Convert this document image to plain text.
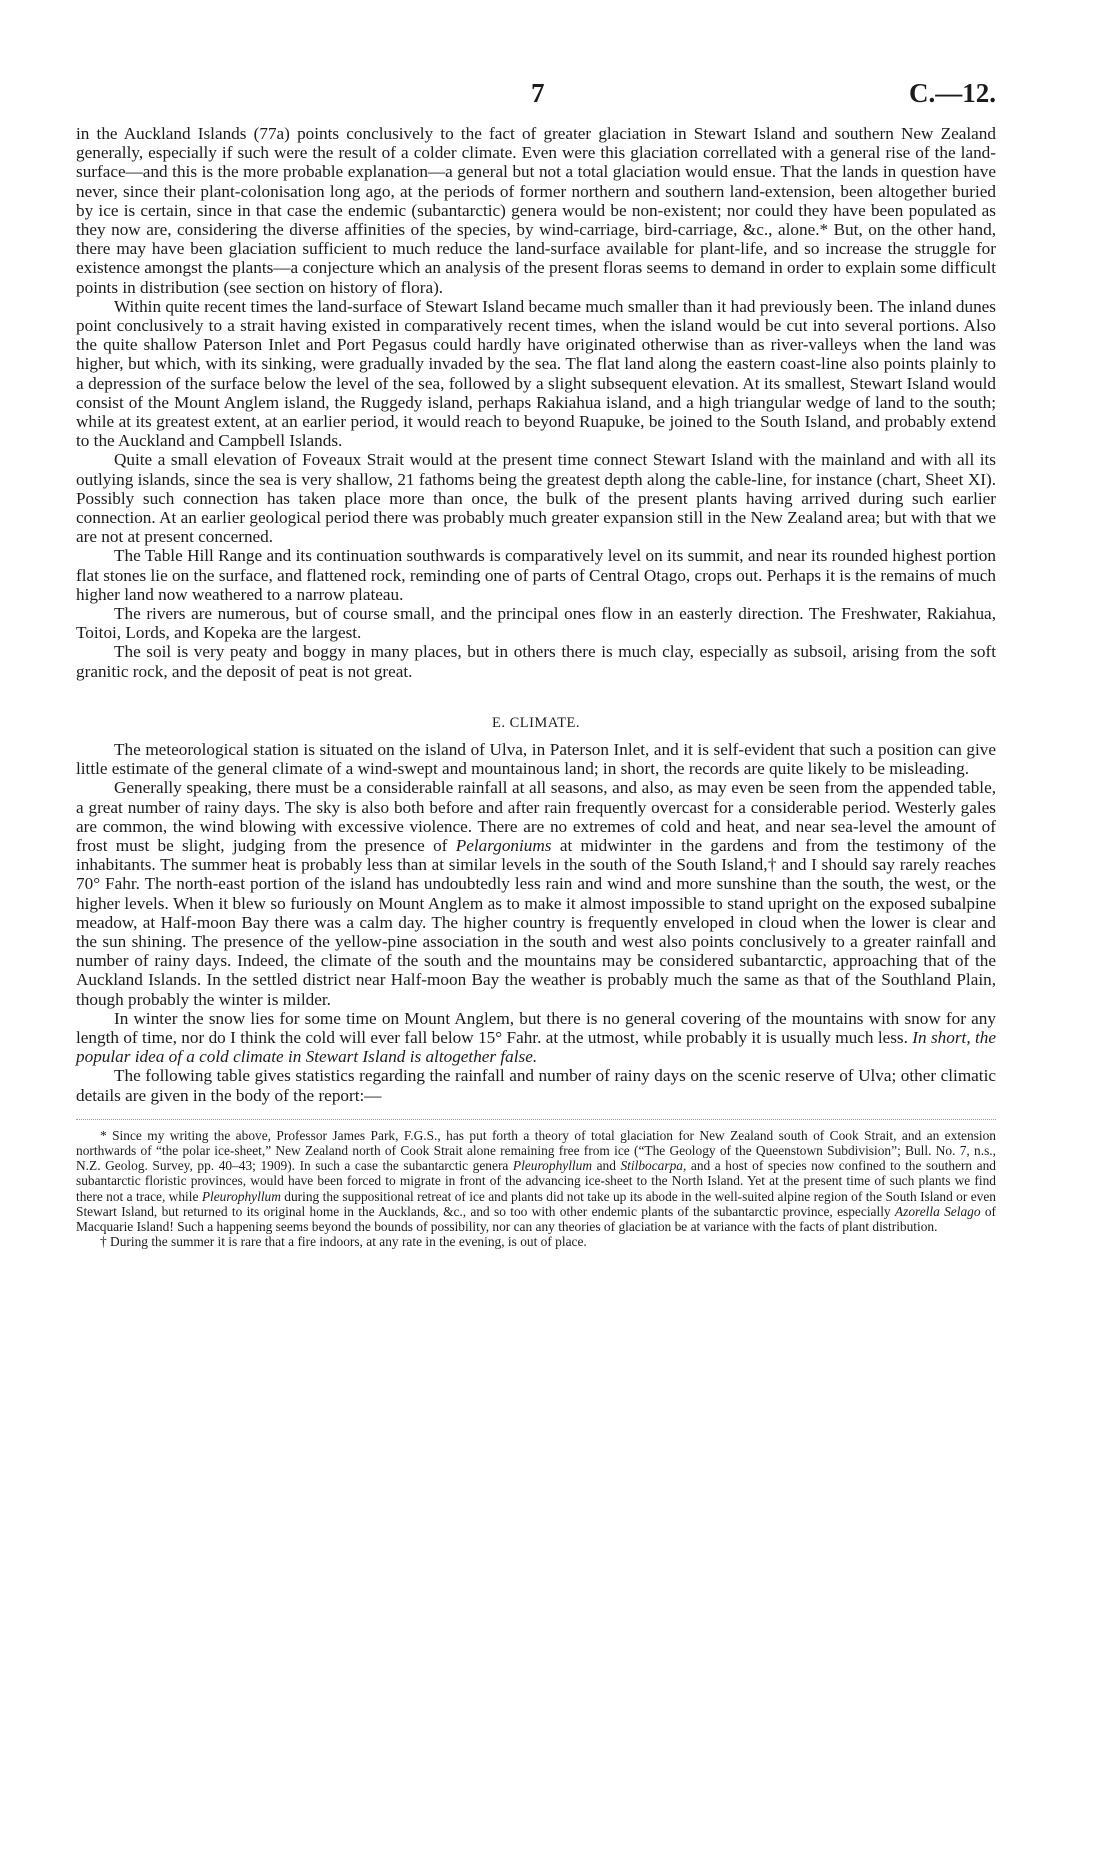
7	C.—12.

in the Auckland Islands (77a) points conclusively to the fact of greater glaciation in Stewart Island and southern New Zealand generally, especially if such were the result of a colder climate. Even were this glaciation correllated with a general rise of the land-surface—and this is the more probable explanation—a general but not a total glaciation would ensue. That the lands in question have never, since their plant-colonisation long ago, at the periods of former northern and southern land-extension, been altogether buried by ice is certain, since in that case the endemic (subantarctic) genera would be non-existent; nor could they have been populated as they now are, considering the diverse affinities of the species, by wind-carriage, bird-carriage, &c., alone.* But, on the other hand, there may have been glaciation sufficient to much reduce the land-surface available for plant-life, and so increase the struggle for existence amongst the plants—a conjecture which an analysis of the present floras seems to demand in order to explain some difficult points in distribution (see section on history of flora).

Within quite recent times the land-surface of Stewart Island became much smaller than it had previously been. The inland dunes point conclusively to a strait having existed in comparatively recent times, when the island would be cut into several portions. Also the quite shallow Paterson Inlet and Port Pegasus could hardly have originated otherwise than as river-valleys when the land was higher, but which, with its sinking, were gradually invaded by the sea. The flat land along the eastern coast-line also points plainly to a depression of the surface below the level of the sea, followed by a slight subsequent elevation. At its smallest, Stewart Island would consist of the Mount Anglem island, the Ruggedy island, perhaps Rakiahua island, and a high triangular wedge of land to the south; while at its greatest extent, at an earlier period, it would reach to beyond Ruapuke, be joined to the South Island, and probably extend to the Auckland and Campbell Islands.

Quite a small elevation of Foveaux Strait would at the present time connect Stewart Island with the mainland and with all its outlying islands, since the sea is very shallow, 21 fathoms being the greatest depth along the cable-line, for instance (chart, Sheet XI). Possibly such connection has taken place more than once, the bulk of the present plants having arrived during such earlier connection. At an earlier geological period there was probably much greater expansion still in the New Zealand area; but with that we are not at present concerned.

The Table Hill Range and its continuation southwards is comparatively level on its summit, and near its rounded highest portion flat stones lie on the surface, and flattened rock, reminding one of parts of Central Otago, crops out. Perhaps it is the remains of much higher land now weathered to a narrow plateau.

The rivers are numerous, but of course small, and the principal ones flow in an easterly direction. The Freshwater, Rakiahua, Toitoi, Lords, and Kopeka are the largest.

The soil is very peaty and boggy in many places, but in others there is much clay, especially as subsoil, arising from the soft granitic rock, and the deposit of peat is not great.

E. CLIMATE.

The meteorological station is situated on the island of Ulva, in Paterson Inlet, and it is self-evident that such a position can give little estimate of the general climate of a wind-swept and mountainous land; in short, the records are quite likely to be misleading.

Generally speaking, there must be a considerable rainfall at all seasons, and also, as may even be seen from the appended table, a great number of rainy days. The sky is also both before and after rain frequently overcast for a considerable period. Westerly gales are common, the wind blowing with excessive violence. There are no extremes of cold and heat, and near sea-level the amount of frost must be slight, judging from the presence of Pelargoniums at midwinter in the gardens and from the testimony of the inhabitants. The summer heat is probably less than at similar levels in the south of the South Island,† and I should say rarely reaches 70° Fahr. The north-east portion of the island has undoubtedly less rain and wind and more sunshine than the south, the west, or the higher levels. When it blew so furiously on Mount Anglem as to make it almost impossible to stand upright on the exposed subalpine meadow, at Half-moon Bay there was a calm day. The higher country is frequently enveloped in cloud when the lower is clear and the sun shining. The presence of the yellow-pine association in the south and west also points conclusively to a greater rainfall and number of rainy days. Indeed, the climate of the south and the mountains may be considered subantarctic, approaching that of the Auckland Islands. In the settled district near Half-moon Bay the weather is probably much the same as that of the Southland Plain, though probably the winter is milder.

In winter the snow lies for some time on Mount Anglem, but there is no general covering of the mountains with snow for any length of time, nor do I think the cold will ever fall below 15° Fahr. at the utmost, while probably it is usually much less. In short, the popular idea of a cold climate in Stewart Island is altogether false.

The following table gives statistics regarding the rainfall and number of rainy days on the scenic reserve of Ulva; other climatic details are given in the body of the report:—

* Since my writing the above, Professor James Park, F.G.S., has put forth a theory of total glaciation for New Zealand south of Cook Strait, and an extension northwards of “the polar ice-sheet,” New Zealand north of Cook Strait alone remaining free from ice (“The Geology of the Queenstown Subdivision”; Bull. No. 7, n.s., N.Z. Geolog. Survey, pp. 40–43; 1909). In such a case the subantarctic genera Pleurophyllum and Stilbocarpa, and a host of species now confined to the southern and subantarctic floristic provinces, would have been forced to migrate in front of the advancing ice-sheet to the North Island. Yet at the present time of such plants we find there not a trace, while Pleurophyllum during the suppositional retreat of ice and plants did not take up its abode in the well-suited alpine region of the South Island or even Stewart Island, but returned to its original home in the Aucklands, &c., and so too with other endemic plants of the subantarctic province, especially Azorella Selago of Macquarie Island! Such a happening seems beyond the bounds of possibility, nor can any theories of glaciation be at variance with the facts of plant distribution.

† During the summer it is rare that a fire indoors, at any rate in the evening, is out of place.
